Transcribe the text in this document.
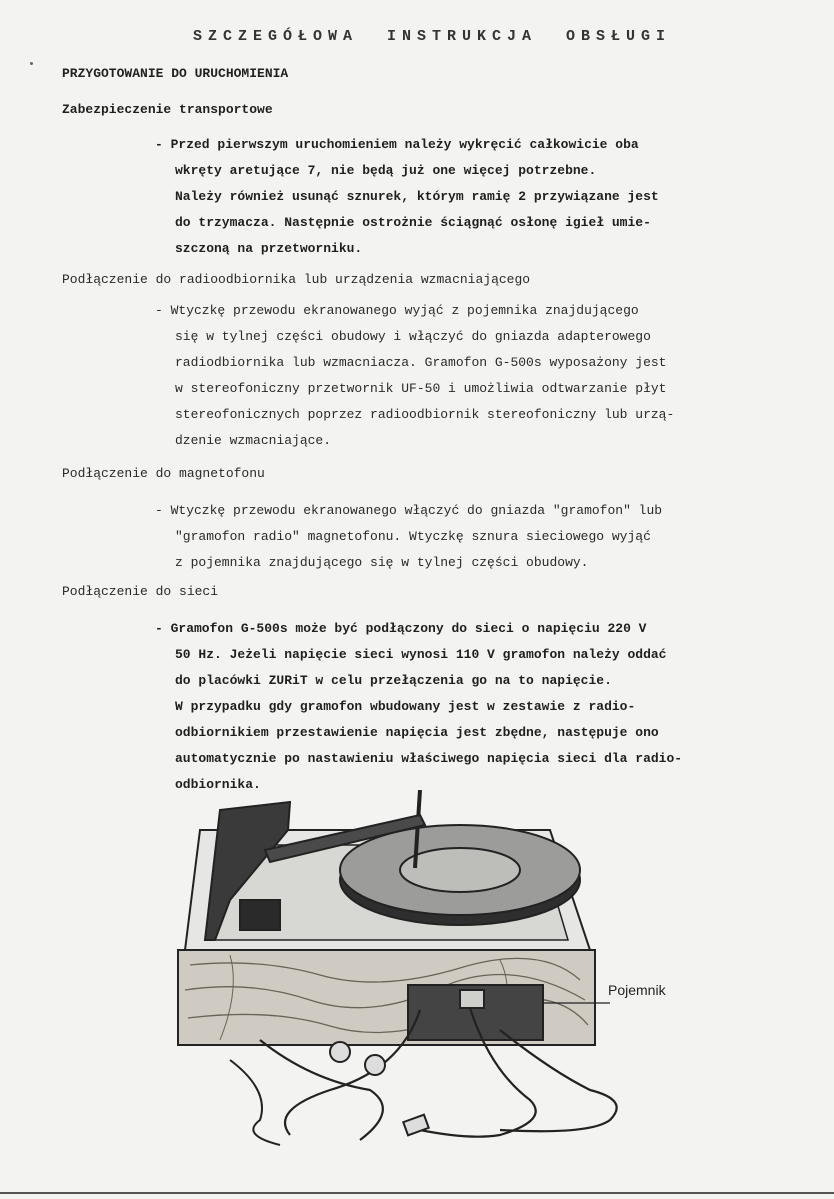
SZCZEGÓŁOWA INSTRUKCJA OBSŁUGI
PRZYGOTOWANIE DO URUCHOMIENIA
Zabezpieczenie transportowe
- Przed pierwszym uruchomieniem należy wykręcić całkowicie oba
wkręty aretujące 7, nie będą już one więcej potrzebne.
Należy również usunąć sznurek, którym ramię 2 przywiązane jest
do trzymacza. Następnie ostrożnie ściągnąć osłonę igieł umie-
szczoną na przetworniku.
Podłączenie do radioodbiornika lub urządzenia wzmacniającego
- Wtyczkę przewodu ekranowanego wyjąć z pojemnika znajdującego
się w tylnej części obudowy i włączyć do gniazda adapterowego
radiodbiornika lub wzmacniacza. Gramofon G-500s wyposażony jest
w stereofoniczny przetwornik UF-50 i umożliwia odtwarzanie płyt
stereofonicznych poprzez radioodbiornik stereofoniczny lub urzą-
dzenie wzmacniające.
Podłączenie do magnetofonu
- Wtyczkę przewodu ekranowanego włączyć do gniazda "gramofon" lub
"gramofon radio" magnetofonu. Wtyczkę sznura sieciowego wyjąć
z pojemnika znajdującego się w tylnej części obudowy.
Podłączenie do sieci
- Gramofon G-500s może być podłączony do sieci o napięciu 220 V
50 Hz. Jeżeli napięcie sieci wynosi 110 V gramofon należy oddać
do placówki ZURiT w celu przełączenia go na to napięcie.
W przypadku gdy gramofon wbudowany jest w zestawie z radio-
odbiornikiem przestawienie napięcia jest zbędne, następuje ono
automatycznie po nastawieniu właściwego napięcia sieci dla radio-
odbiornika.
Pojemnik
